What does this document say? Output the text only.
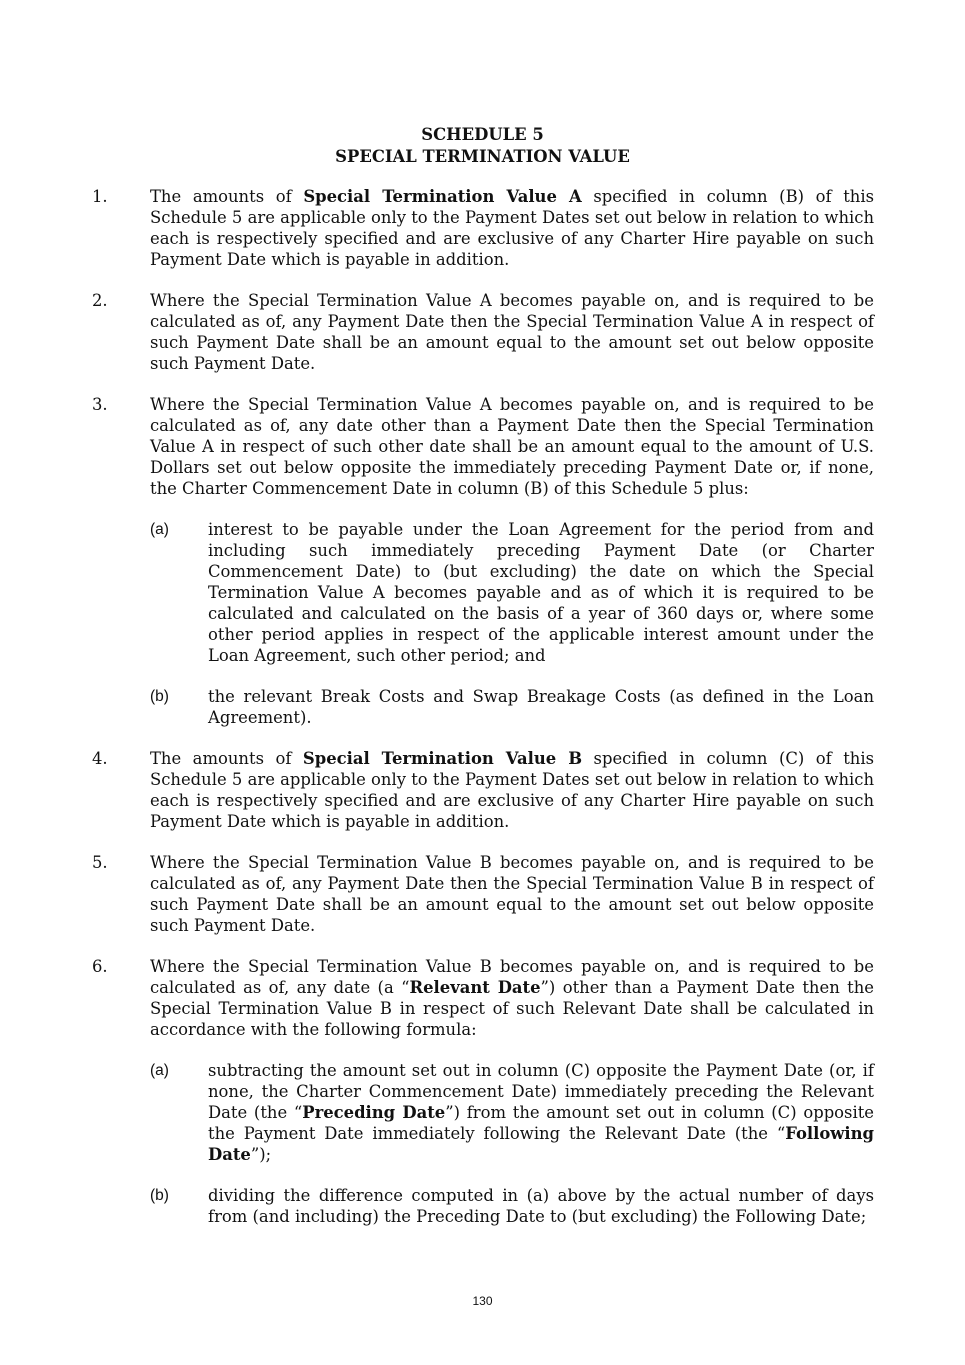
SCHEDULE 5
SPECIAL TERMINATION VALUE
1.	The amounts of Special Termination Value A specified in column (B) of this Schedule 5 are applicable only to the Payment Dates set out below in relation to which each is respectively specified and are exclusive of any Charter Hire payable on such Payment Date which is payable in addition.
2.	Where the Special Termination Value A becomes payable on, and is required to be calculated as of, any Payment Date then the Special Termination Value A in respect of such Payment Date shall be an amount equal to the amount set out below opposite such Payment Date.
3.	Where the Special Termination Value A becomes payable on, and is required to be calculated as of, any date other than a Payment Date then the Special Termination Value A in respect of such other date shall be an amount equal to the amount of U.S. Dollars set out below opposite the immediately preceding Payment Date or, if none, the Charter Commencement Date in column (B) of this Schedule 5 plus:
(a)	interest to be payable under the Loan Agreement for the period from and including such immediately preceding Payment Date (or Charter Commencement Date) to (but excluding) the date on which the Special Termination Value A becomes payable and as of which it is required to be calculated and calculated on the basis of a year of 360 days or, where some other period applies in respect of the applicable interest amount under the Loan Agreement, such other period; and
(b)	the relevant Break Costs and Swap Breakage Costs (as defined in the Loan Agreement).
4.	The amounts of Special Termination Value B specified in column (C) of this Schedule 5 are applicable only to the Payment Dates set out below in relation to which each is respectively specified and are exclusive of any Charter Hire payable on such Payment Date which is payable in addition.
5.	Where the Special Termination Value B becomes payable on, and is required to be calculated as of, any Payment Date then the Special Termination Value B in respect of such Payment Date shall be an amount equal to the amount set out below opposite such Payment Date.
6.	Where the Special Termination Value B becomes payable on, and is required to be calculated as of, any date (a “Relevant Date”) other than a Payment Date then the Special Termination Value B in respect of such Relevant Date shall be calculated in accordance with the following formula:
(a)	subtracting the amount set out in column (C) opposite the Payment Date (or, if none, the Charter Commencement Date) immediately preceding the Relevant Date (the “Preceding Date”) from the amount set out in column (C) opposite the Payment Date immediately following the Relevant Date (the “Following Date”);
(b)	dividing the difference computed in (a) above by the actual number of days from (and including) the Preceding Date to (but excluding) the Following Date;
130
